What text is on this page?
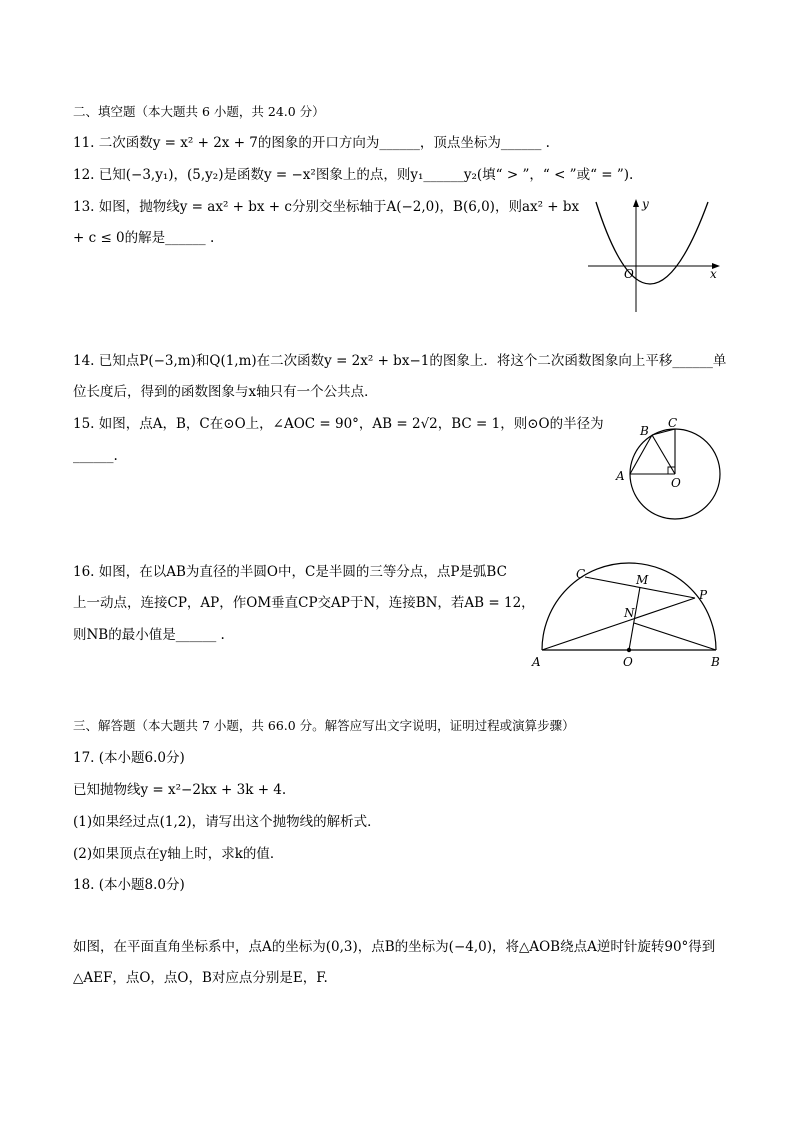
二、填空题（本大题共 6 小题，共 24.0 分）
11. 二次函数y = x² + 2x + 7的图象的开口方向为______，顶点坐标为______ .
12. 已知(−3,y₁)，(5,y₂)是函数y = −x²图象上的点，则y₁______y₂(填“ > ”，“ < ”或“ = ”).
13. 如图，抛物线y = ax² + bx + c分别交坐标轴于A(−2,0)，B(6,0)，则ax² + bx
+ c ≤ 0的解是______ .
y
x
O
14. 已知点P(−3,m)和Q(1,m)在二次函数y = 2x² + bx−1的图象上．将这个二次函数图象向上平移______单
位长度后，得到的函数图象与x轴只有一个公共点．
15. 如图，点A，B，C在⊙O上，∠AOC = 90°，AB = 2√2，BC = 1，则⊙O的半径为
______.
A
B
C
O
16. 如图，在以AB为直径的半圆O中，C是半圆的三等分点，点P是弧BC
上一动点，连接CP，AP，作OM垂直CP交AP于N，连接BN，若AB = 12，
则NB的最小值是______ .
A	B
C	M
N
P
O
三、解答题（本大题共 7 小题，共 66.0 分。解答应写出文字说明，证明过程或演算步骤）
17. (本小题6.0分)
已知抛物线y = x²−2kx + 3k + 4.
(1)如果经过点(1,2)，请写出这个抛物线的解析式．
(2)如果顶点在y轴上时，求k的值．
18. (本小题8.0分)
如图，在平面直角坐标系中，点A的坐标为(0,3)，点B的坐标为(−4,0)，将△AOB绕点A逆时针旋转90°得到
△AEF，点O，点O，B对应点分别是E，F.
